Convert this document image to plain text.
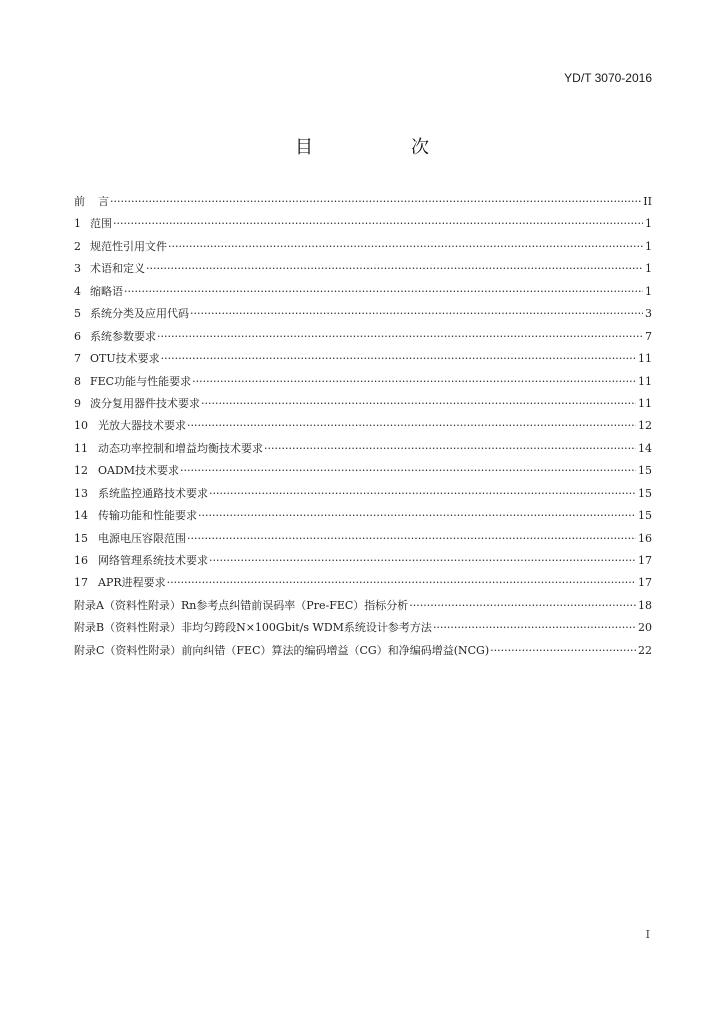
YD/T 3070-2016
目　次
前	言 ·····	II
1 范围 ·····	1
2 规范性引用文件 ·····	1
3 术语和定义 ·····	1
4 缩略语 ·····	1
5 系统分类及应用代码 ·····	3
6 系统参数要求 ·····	7
7 OTU技术要求 ·····	11
8 FEC功能与性能要求 ·····	11
9 波分复用器件技术要求 ·····	11
10 光放大器技术要求 ·····	12
11 动态功率控制和增益均衡技术要求 ·····	14
12 OADM技术要求 ·····	15
13 系统监控通路技术要求 ·····	15
14 传输功能和性能要求 ·····	15
15 电源电压容限范围 ·····	16
16 网络管理系统技术要求 ·····	17
17 APR进程要求 ·····	17
附录A（资料性附录）Rn参考点纠错前误码率（Pre-FEC）指标分析 ·····	18
附录B（资料性附录）非均匀跨段N×100Gbit/s WDM系统设计参考方法 ·····	20
附录C（资料性附录）前向纠错（FEC）算法的编码增益（CG）和净编码增益(NCG) ·····	22
I
